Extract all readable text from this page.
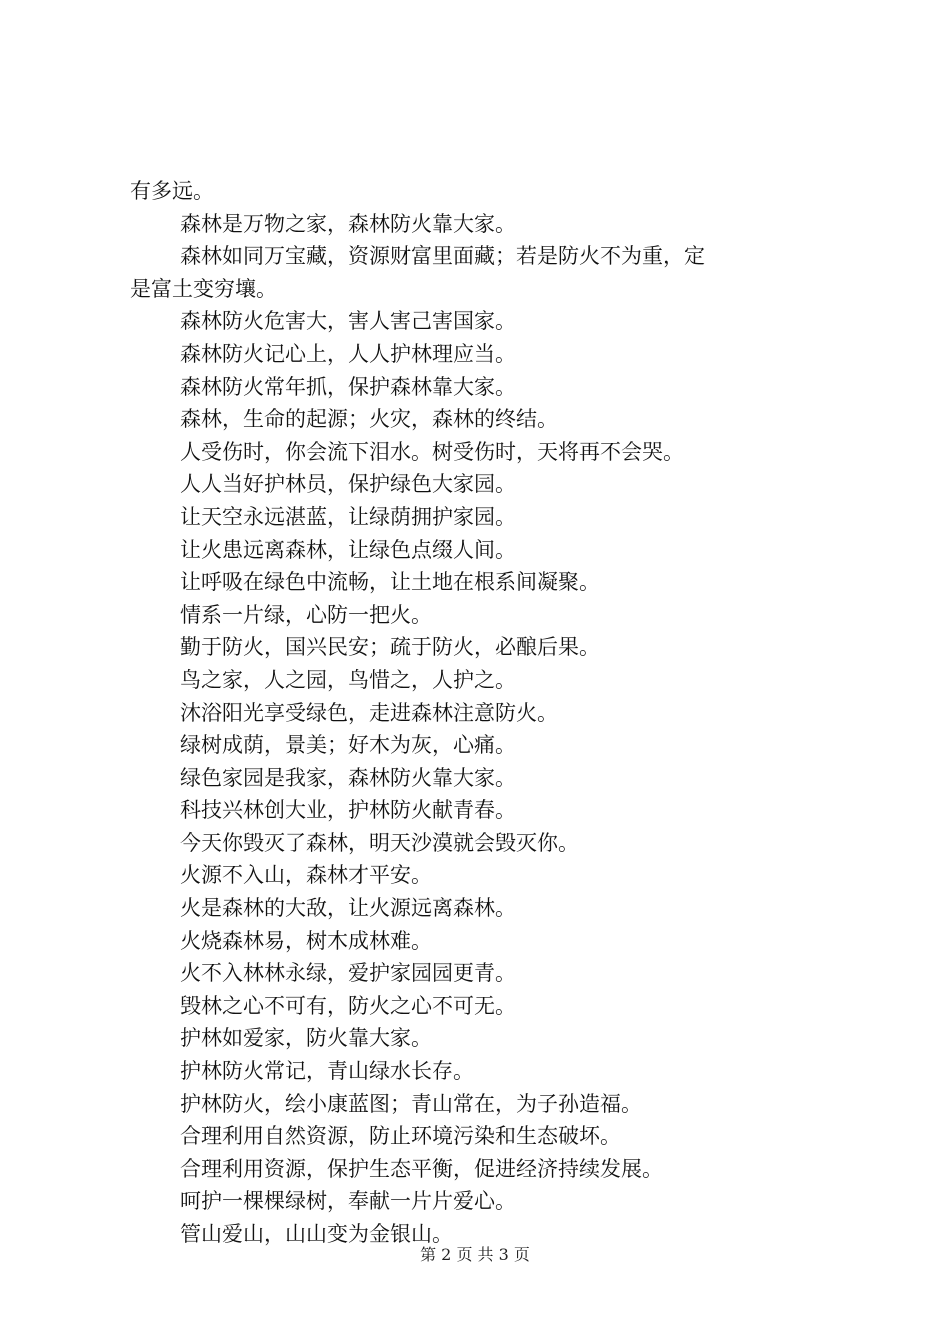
有多远。
森林是万物之家，森林防火靠大家。
森林如同万宝藏，资源财富里面藏；若是防火不为重，定
是富土变穷壤。
森林防火危害大，害人害己害国家。
森林防火记心上，人人护林理应当。
森林防火常年抓，保护森林靠大家。
森林，生命的起源；火灾，森林的终结。
人受伤时，你会流下泪水。树受伤时，天将再不会哭。
人人当好护林员，保护绿色大家园。
让天空永远湛蓝，让绿荫拥护家园。
让火患远离森林，让绿色点缀人间。
让呼吸在绿色中流畅，让土地在根系间凝聚。
情系一片绿，心防一把火。
勤于防火，国兴民安；疏于防火，必酿后果。
鸟之家，人之园，鸟惜之，人护之。
沐浴阳光享受绿色，走进森林注意防火。
绿树成荫，景美；好木为灰，心痛。
绿色家园是我家，森林防火靠大家。
科技兴林创大业，护林防火献青春。
今天你毁灭了森林，明天沙漠就会毁灭你。
火源不入山，森林才平安。
火是森林的大敌，让火源远离森林。
火烧森林易，树木成林难。
火不入林林永绿，爱护家园园更青。
毁林之心不可有，防火之心不可无。
护林如爱家，防火靠大家。
护林防火常记，青山绿水长存。
护林防火，绘小康蓝图；青山常在，为子孙造福。
合理利用自然资源，防止环境污染和生态破坏。
合理利用资源，保护生态平衡，促进经济持续发展。
呵护一棵棵绿树，奉献一片片爱心。
管山爱山，山山变为金银山。
第 2 页 共 3 页
